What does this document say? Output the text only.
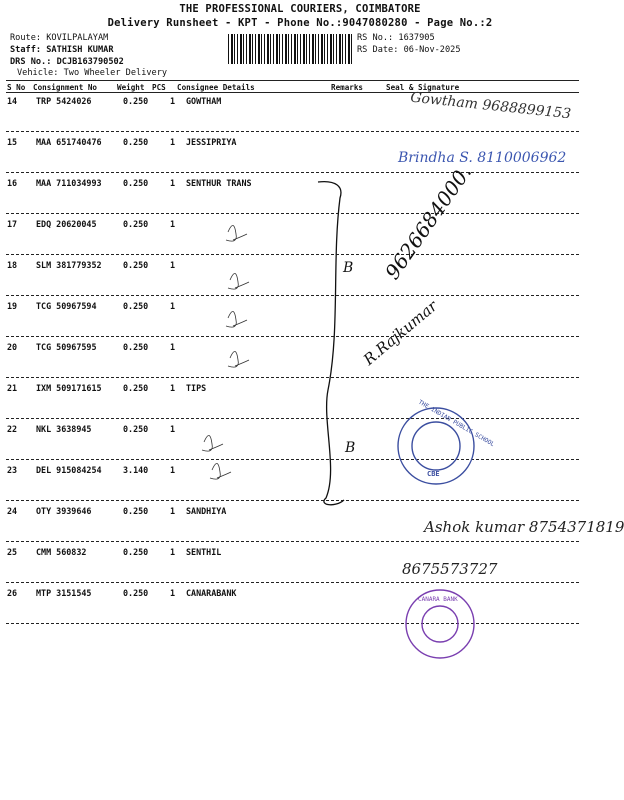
THE PROFESSIONAL COURIERS, COIMBATORE
Delivery Runsheet - KPT - Phone No.:9047080280 - Page No.:2
Route: KOVILPALAYAM
Staff: SATHISH KUMAR
DRS No.: DCJB163790502
Vehicle: Two Wheeler Delivery
RS No.: 1637905
RS Date: 06-Nov-2025
S No Consignment No	Weight PCS Consignee Details	Remarks	Seal & Signature
14 TRP 5424026	0.250	1 GOWTHAM
15 MAA 651740476	0.250	1 JESSIPRIYA
16 MAA 711034993	0.250	1 SENTHUR TRANS
17 EDQ 20620045	0.250	1
18 SLM 381779352	0.250	1
19 TCG 50967594	0.250	1
20 TCG 50967595	0.250	1
21 IXM 509171615	0.250	1 TIPS
22 NKL 3638945	0.250	1
23 DEL 915084254	3.140	1
24 OTY 3939646	0.250	1 SANDHIYA
25 CMM 560832	0.250	1 SENTHIL
26 MTP 3151545	0.250	1 CANARABANK
Gowtham 9688899153
Brindha S. 8110006962
9626684000.
R.Rajkumar
B
B
Ashok kumar 8754371819
8675573727
THE INDIAN PUBLIC SCHOOL
CBE
CANARA BANK
